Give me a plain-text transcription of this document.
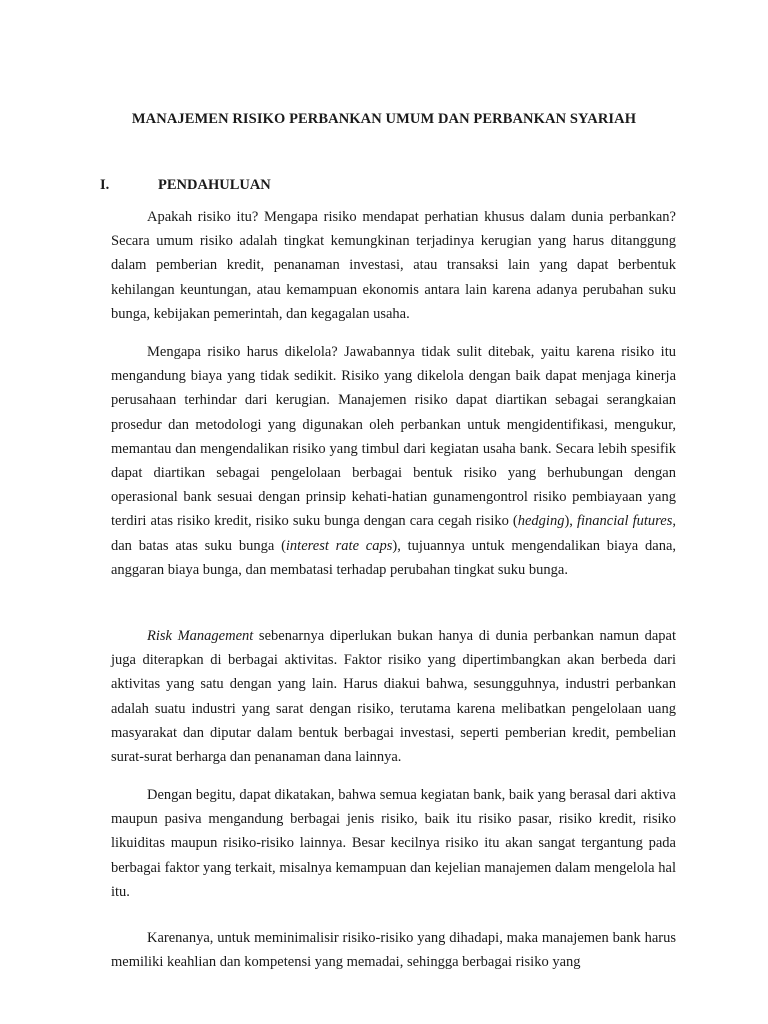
MANAJEMEN RISIKO PERBANKAN UMUM DAN PERBANKAN SYARIAH
I.	PENDAHULUAN

Apakah risiko itu? Mengapa risiko mendapat perhatian khusus dalam dunia perbankan? Secara umum risiko adalah tingkat kemungkinan terjadinya kerugian yang harus ditanggung dalam pemberian kredit, penanaman investasi, atau transaksi lain yang dapat berbentuk kehilangan keuntungan, atau kemampuan ekonomis antara lain karena adanya perubahan suku bunga, kebijakan pemerintah, dan kegagalan usaha.

Mengapa risiko harus dikelola? Jawabannya tidak sulit ditebak, yaitu karena risiko itu mengandung biaya yang tidak sedikit. Risiko yang dikelola dengan baik dapat menjaga kinerja perusahaan terhindar dari kerugian. Manajemen risiko dapat diartikan sebagai serangkaian prosedur dan metodologi yang digunakan oleh perbankan untuk mengidentifikasi, mengukur, memantau dan mengendalikan risiko yang timbul dari kegiatan usaha bank. Secara lebih spesifik dapat diartikan sebagai pengelolaan berbagai bentuk risiko yang berhubungan dengan operasional bank sesuai dengan prinsip kehati-hatian gunamengontrol risiko pembiayaan yang terdiri atas risiko kredit, risiko suku bunga dengan cara cegah risiko (hedging), financial futures, dan batas atas suku bunga (interest rate caps), tujuannya untuk mengendalikan biaya dana, anggaran biaya bunga, dan membatasi terhadap perubahan tingkat suku bunga.

Risk Management sebenarnya diperlukan bukan hanya di dunia perbankan namun dapat juga diterapkan di berbagai aktivitas. Faktor risiko yang dipertimbangkan akan berbeda dari aktivitas yang satu dengan yang lain. Harus diakui bahwa, sesungguhnya, industri perbankan adalah suatu industri yang sarat dengan risiko, terutama karena melibatkan pengelolaan uang masyarakat dan diputar dalam bentuk berbagai investasi, seperti pemberian kredit, pembelian surat-surat berharga dan penanaman dana lainnya.

Dengan begitu, dapat dikatakan, bahwa semua kegiatan bank, baik yang berasal dari aktiva maupun pasiva mengandung berbagai jenis risiko, baik itu risiko pasar, risiko kredit, risiko likuiditas maupun risiko-risiko lainnya. Besar kecilnya risiko itu akan sangat tergantung pada berbagai faktor yang terkait, misalnya kemampuan dan kejelian manajemen dalam mengelola hal itu.

Karenanya, untuk meminimalisir risiko-risiko yang dihadapi, maka manajemen bank harus memiliki keahlian dan kompetensi yang memadai, sehingga berbagai risiko yang
